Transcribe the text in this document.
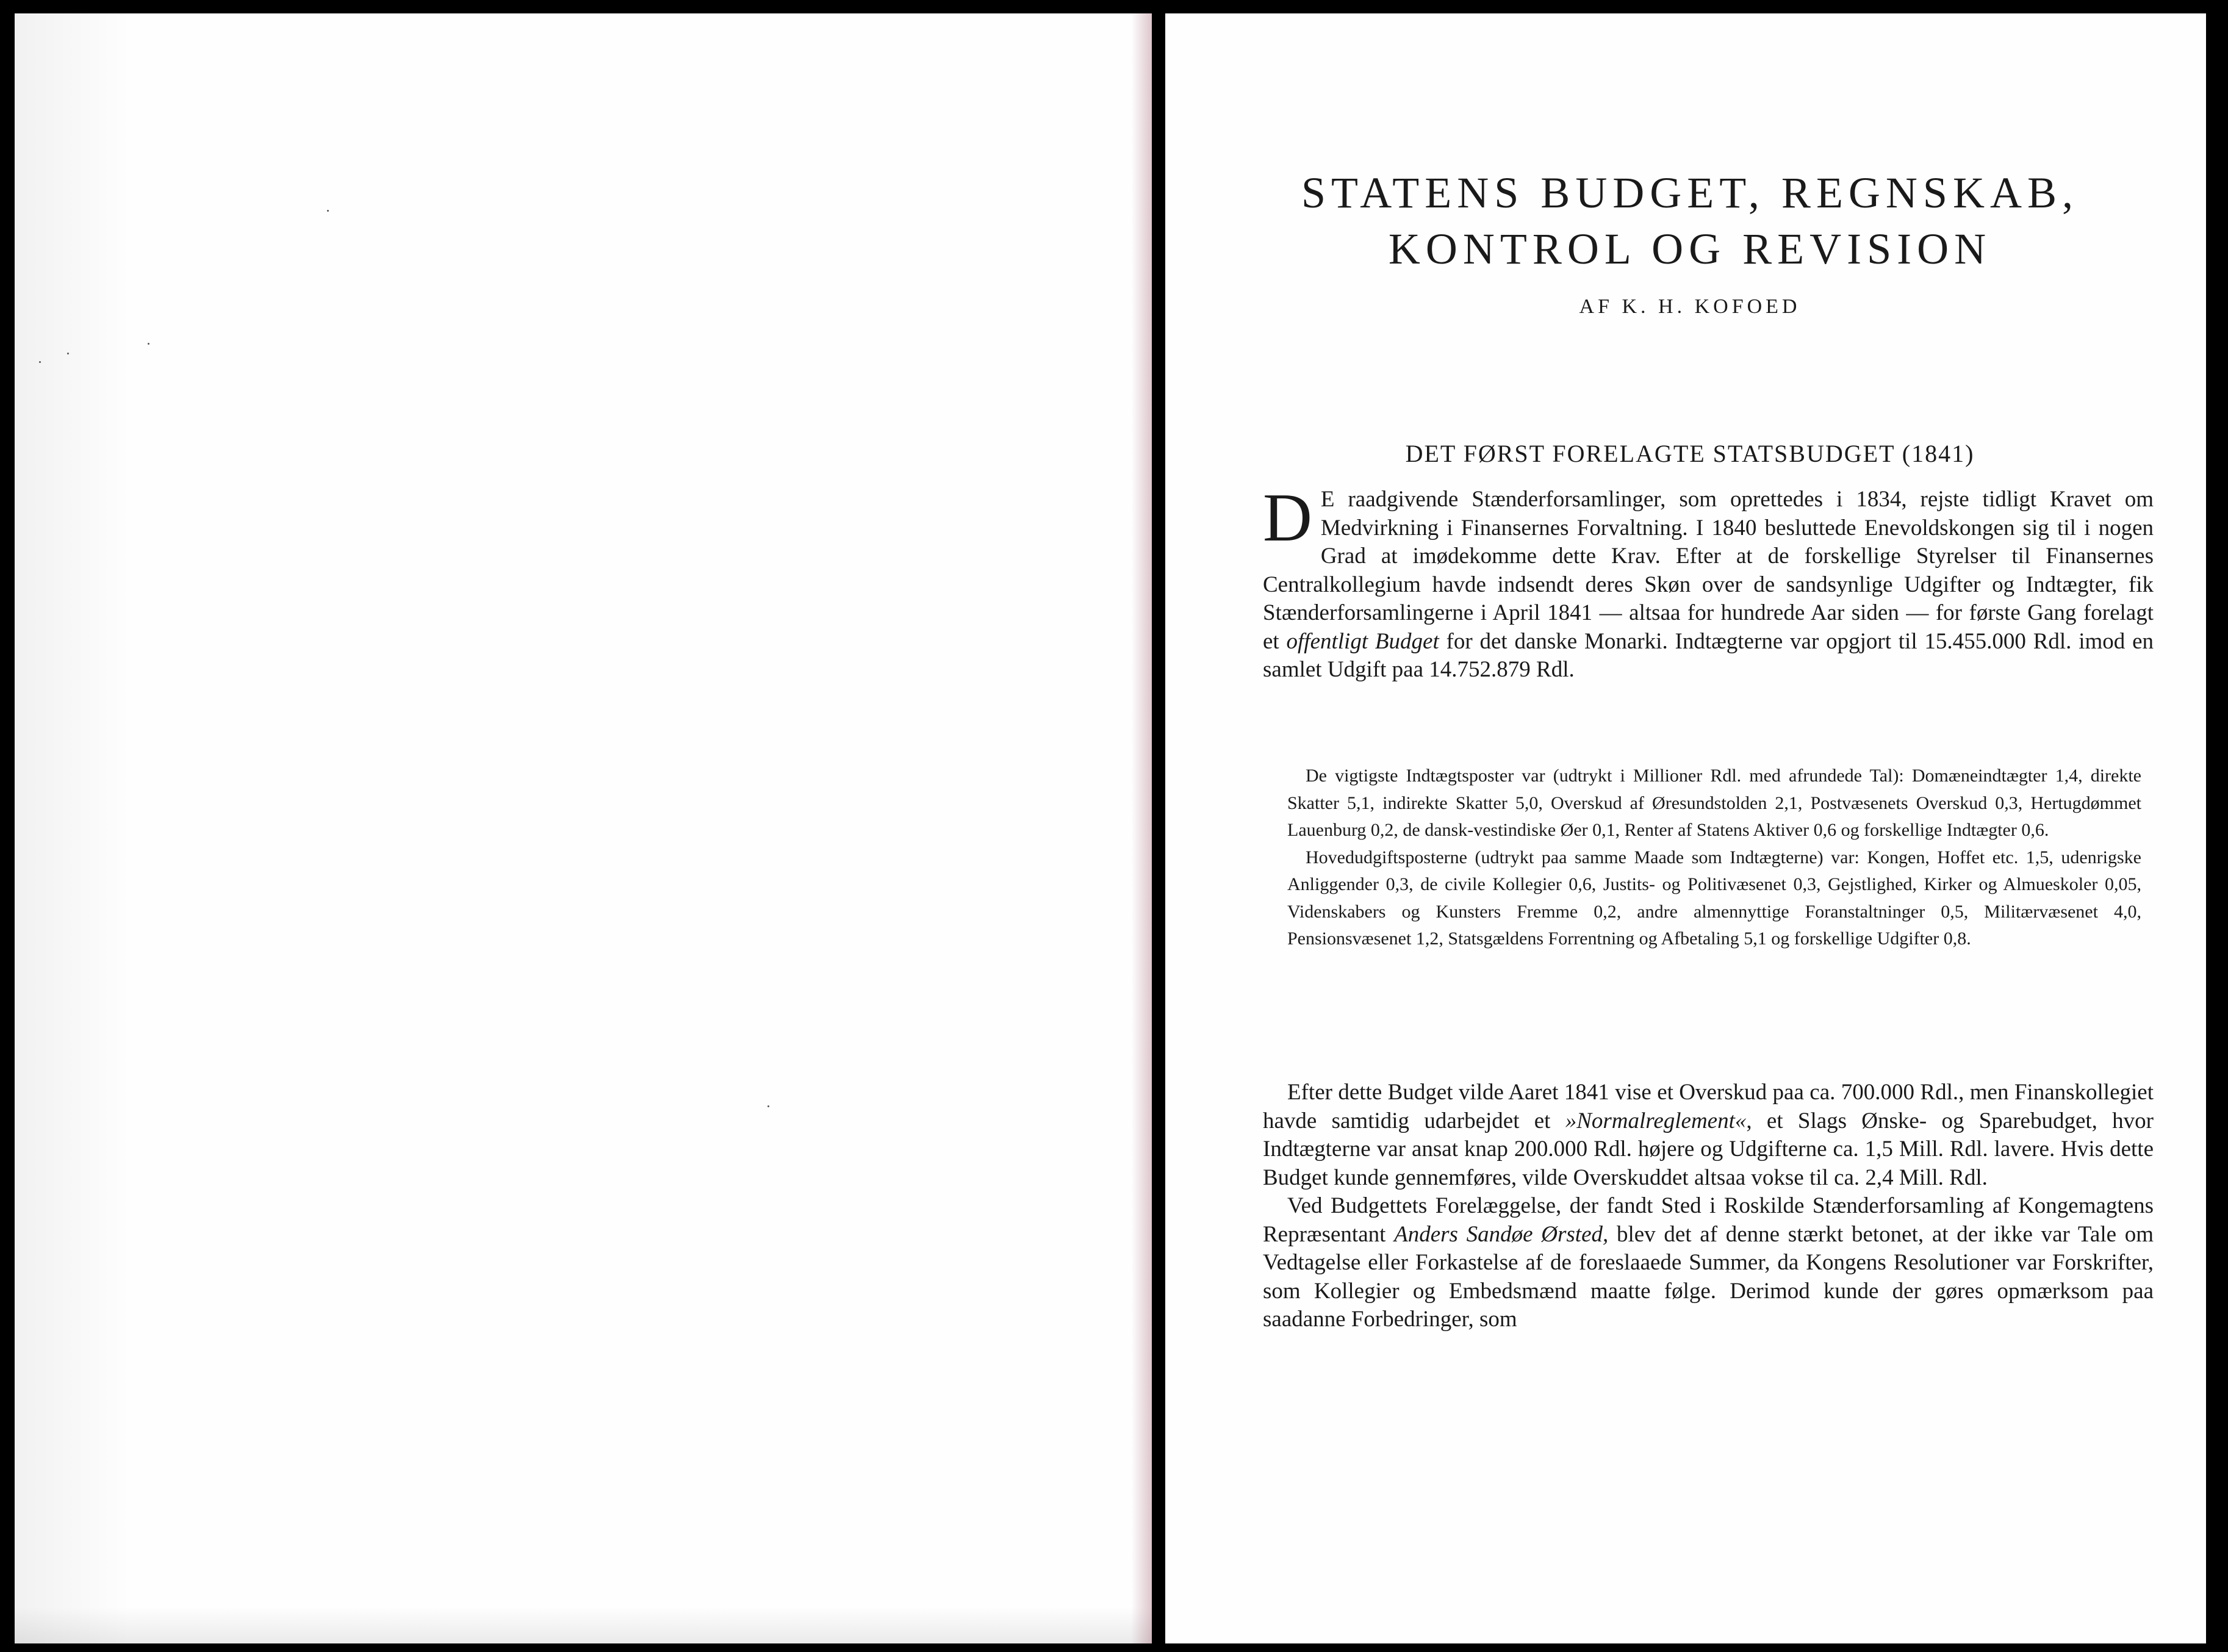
STATENS BUDGET, REGNSKAB,
KONTROL OG REVISION
AF K. H. KOFOED
DET FØRST FORELAGTE STATSBUDGET (1841)

D E raadgivende Stænderforsamlinger, som oprettedes i 1834, rejste tidligt Kravet om Medvirkning i Finansernes Forvaltning. I 1840 besluttede Enevoldskongen sig til i nogen Grad at imødekomme dette Krav. Efter at de forskellige Styrelser til Finansernes Centralkollegium havde indsendt deres Skøn over de sandsynlige Udgifter og Indtægter, fik Stænderforsamlingerne i April 1841 — altsaa for hundrede Aar siden — for første Gang forelagt et offentligt Budget for det danske Monarki. Indtægterne var opgjort til 15.455.000 Rdl. imod en samlet Udgift paa 14.752.879 Rdl.

De vigtigste Indtægtsposter var (udtrykt i Millioner Rdl. med afrundede Tal): Domæneindtægter 1,4, direkte Skatter 5,1, indirekte Skatter 5,0, Overskud af Øresundstolden 2,1, Postvæsenets Overskud 0,3, Hertugdømmet Lauenburg 0,2, de dansk-vestindiske Øer 0,1, Renter af Statens Aktiver 0,6 og forskellige Indtægter 0,6.

Hovedudgiftsposterne (udtrykt paa samme Maade som Indtægterne) var: Kongen, Hoffet etc. 1,5, udenrigske Anliggender 0,3, de civile Kollegier 0,6, Justits- og Politivæsenet 0,3, Gejstlighed, Kirker og Almueskoler 0,05, Videnskabers og Kunsters Fremme 0,2, andre almennyttige Foranstaltninger 0,5, Militærvæsenet 4,0, Pensionsvæsenet 1,2, Statsgældens Forrentning og Afbetaling 5,1 og forskellige Udgifter 0,8.

Efter dette Budget vilde Aaret 1841 vise et Overskud paa ca. 700.000 Rdl., men Finanskollegiet havde samtidig udarbejdet et »Normalreglement«, et Slags Ønske- og Sparebudget, hvor Indtægterne var ansat knap 200.000 Rdl. højere og Udgifterne ca. 1,5 Mill. Rdl. lavere. Hvis dette Budget kunde gennemføres, vilde Overskuddet altsaa vokse til ca. 2,4 Mill. Rdl.

Ved Budgettets Forelæggelse, der fandt Sted i Roskilde Stænderforsamling af Kongemagtens Repræsentant Anders Sandøe Ørsted, blev det af denne stærkt betonet, at der ikke var Tale om Vedtagelse eller Forkastelse af de foreslaaede Summer, da Kongens Resolutioner var Forskrifter, som Kollegier og Embedsmænd maatte følge. Derimod kunde der gøres opmærksom paa saadanne Forbedringer, som
